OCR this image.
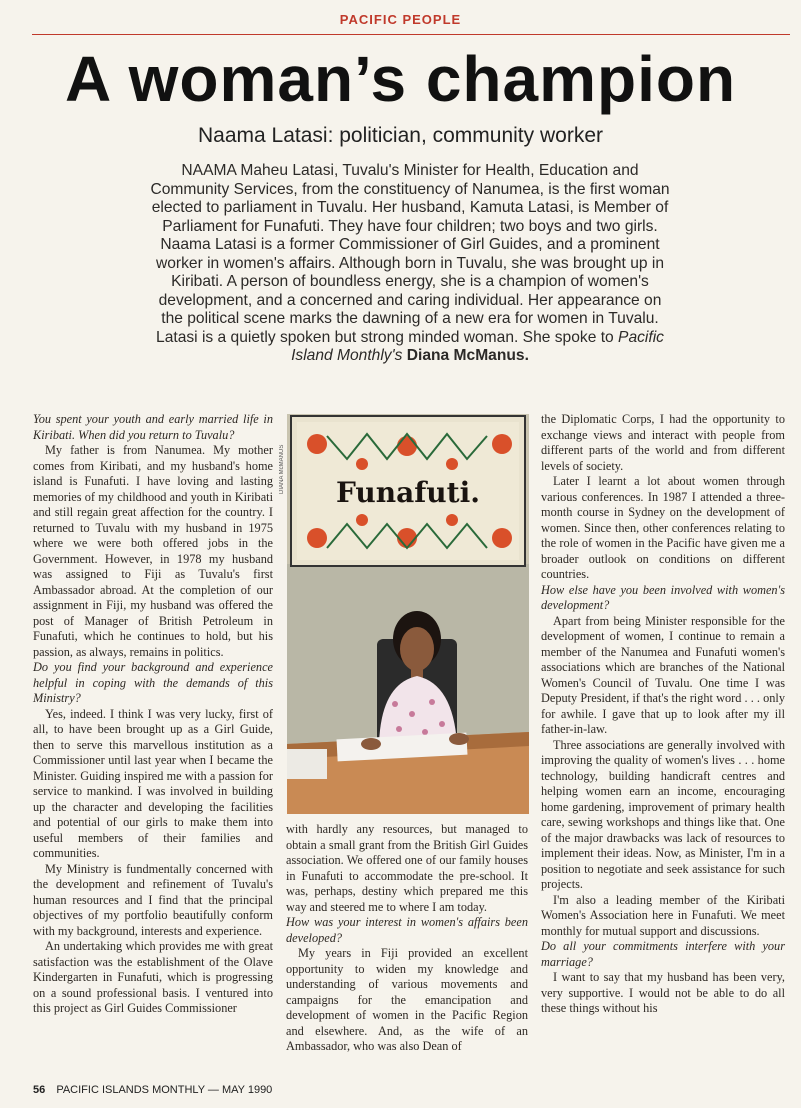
PACIFIC PEOPLE
A woman’s champion
Naama Latasi: politician, community worker
NAAMA Maheu Latasi, Tuvalu's Minister for Health, Education and Community Services, from the constituency of Nanumea, is the first woman elected to parliament in Tuvalu. Her husband, Kamuta Latasi, is Member of Parliament for Funafuti. They have four children; two boys and two girls. Naama Latasi is a former Commissioner of Girl Guides, and a prominent worker in women's affairs. Although born in Tuvalu, she was brought up in Kiribati. A person of boundless energy, she is a champion of women's development, and a concerned and caring individual. Her appearance on the political scene marks the dawning of a new era for women in Tuvalu. Latasi is a quietly spoken but strong minded woman. She spoke to Pacific Island Monthly's Diana McManus.

You spent your youth and early married life in Kiribati. When did you return to Tuvalu?

My father is from Nanumea. My mother comes from Kiribati, and my husband's home island is Funafuti. I have loving and lasting memories of my childhood and youth in Kiribati and still regain great affection for the country. I returned to Tuvalu with my husband in 1975 where we were both offered jobs in the Government. However, in 1978 my husband was assigned to Fiji as Tuvalu's first Ambassador abroad. At the completion of our assignment in Fiji, my husband was offered the post of Manager of British Petroleum in Funafuti, which he continues to hold, but his passion, as always, remains in politics.

Do you find your background and experience helpful in coping with the demands of this Ministry?

Yes, indeed. I think I was very lucky, first of all, to have been brought up as a Girl Guide, then to serve this marvellous institution as a Commissioner until last year when I became the Minister. Guiding inspired me with a passion for service to mankind. I was involved in building up the character and developing the facilities and potential of our girls to make them into useful members of their families and communities.

My Ministry is fundmentally concerned with the development and refinement of Tuvalu's human resources and I find that the principal objectives of my portfolio beautifully conform with my background, interests and experience.

An undertaking which provides me with great satisfaction was the establishment of the Olave Kindergarten in Funafuti, which is progressing on a sound professional basis. I ventured into this project as Girl Guides Commissioner

DIANA McMANUS Funafuti.

with hardly any resources, but managed to obtain a small grant from the British Girl Guides association. We offered one of our family houses in Funafuti to accommodate the pre-school. It was, perhaps, destiny which prepared me this way and steered me to where I am today.

How was your interest in women's affairs been developed?

My years in Fiji provided an excellent opportunity to widen my knowledge and understanding of various movements and campaigns for the emancipation and development of women in the Pacific Region and elsewhere. And, as the wife of an Ambassador, who was also Dean of

the Diplomatic Corps, I had the opportunity to exchange views and interact with people from different parts of the world and from different levels of society.

Later I learnt a lot about women through various conferences. In 1987 I attended a three-month course in Sydney on the development of women. Since then, other conferences relating to the role of women in the Pacific have given me a broader outlook on conditions on different countries.

How else have you been involved with women's development?

Apart from being Minister responsible for the development of women, I continue to remain a member of the Nanumea and Funafuti women's associations which are branches of the National Women's Council of Tuvalu. One time I was Deputy President, if that's the right word . . . only for awhile. I gave that up to look after my ill father-in-law.

Three associations are generally involved with improving the quality of women's lives . . . home technology, building handicraft centres and helping women earn an income, encouraging home gardening, improvement of primary health care, sewing workshops and things like that. One of the major drawbacks was lack of resources to implement their ideas. Now, as Minister, I'm in a position to negotiate and seek assistance for such projects.

I'm also a leading member of the Kiribati Women's Association here in Funafuti. We meet monthly for mutual support and discussions.

Do all your commitments interfere with your marriage?

I want to say that my husband has been very, very supportive. I would not be able to do all these things without his

56 PACIFIC ISLANDS MONTHLY — MAY 1990
